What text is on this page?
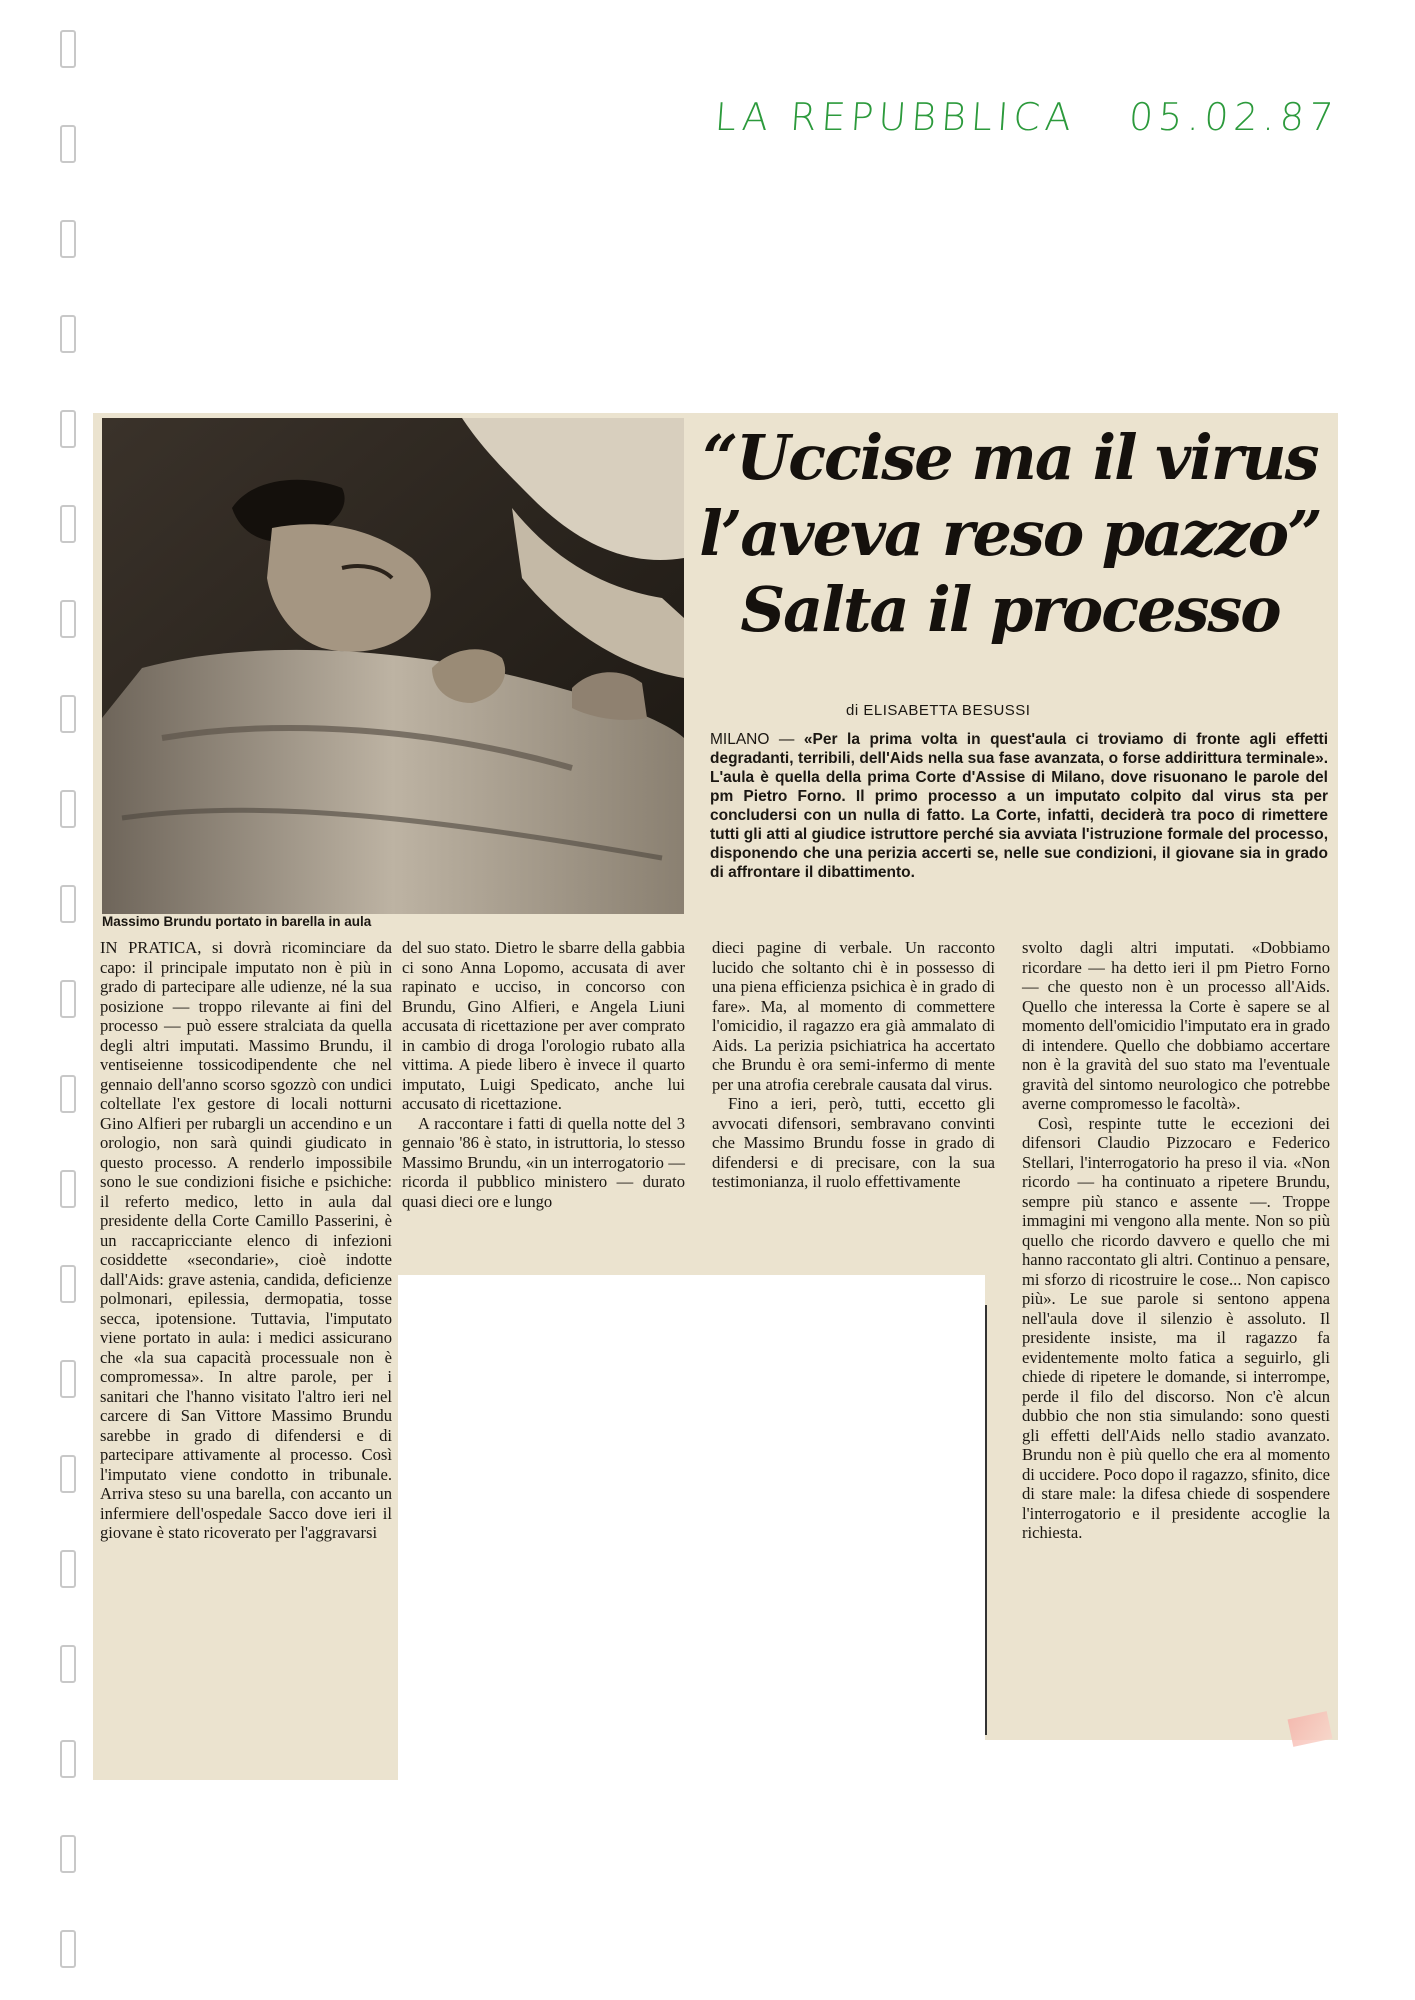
LA REPUBBLICA 05.02.87
Massimo Brundu portato in barella in aula
“Uccise ma il virus
l’aveva reso pazzo”
Salta il processo
di ELISABETTA BESUSSI
MILANO — «Per la prima volta in quest'aula ci troviamo di fronte agli effetti degradanti, terribili, dell'Aids nella sua fase avanzata, o forse addirittura terminale». L'aula è quella della prima Corte d'Assise di Milano, dove risuonano le parole del pm Pietro Forno. Il primo processo a un imputato colpito dal virus sta per concludersi con un nulla di fatto. La Corte, infatti, deciderà tra poco di rimettere tutti gli atti al giudice istruttore perché sia avviata l'istruzione formale del processo, disponendo che una perizia accerti se, nelle sue condizioni, il giovane sia in grado di affrontare il dibattimento.

IN PRATICA, si dovrà ricominciare da capo: il principale imputato non è più in grado di partecipare alle udienze, né la sua posizione — troppo rilevante ai fini del processo — può essere stralciata da quella degli altri imputati. Massimo Brundu, il ventiseienne tossicodipendente che nel gennaio dell'anno scorso sgozzò con undici coltellate l'ex gestore di locali notturni Gino Alfieri per rubargli un accendino e un orologio, non sarà quindi giudicato in questo processo. A renderlo impossibile sono le sue condizioni fisiche e psichiche: il referto medico, letto in aula dal presidente della Corte Camillo Passerini, è un raccapricciante elenco di infezioni cosiddette «secondarie», cioè indotte dall'Aids: grave astenia, candida, deficienze polmonari, epilessia, dermopatia, tosse secca, ipotensione. Tuttavia, l'imputato viene portato in aula: i medici assicurano che «la sua capacità processuale non è compromessa». In altre parole, per i sanitari che l'hanno visitato l'altro ieri nel carcere di San Vittore Massimo Brundu sarebbe in grado di difendersi e di partecipare attivamente al processo. Così l'imputato viene condotto in tribunale. Arriva steso su una barella, con accanto un infermiere dell'ospedale Sacco dove ieri il giovane è stato ricoverato per l'aggravarsi

del suo stato. Dietro le sbarre della gabbia ci sono Anna Lopomo, accusata di aver rapinato e ucciso, in concorso con Brundu, Gino Alfieri, e Angela Liuni accusata di ricettazione per aver comprato in cambio di droga l'orologio rubato alla vittima. A piede libero è invece il quarto imputato, Luigi Spedicato, anche lui accusato di ricettazione.

A raccontare i fatti di quella notte del 3 gennaio '86 è stato, in istruttoria, lo stesso Massimo Brundu, «in un interrogatorio — ricorda il pubblico ministero — durato quasi dieci ore e lungo

dieci pagine di verbale. Un racconto lucido che soltanto chi è in possesso di una piena efficienza psichica è in grado di fare». Ma, al momento di commettere l'omicidio, il ragazzo era già ammalato di Aids. La perizia psichiatrica ha accertato che Brundu è ora semi-infermo di mente per una atrofia cerebrale causata dal virus.

Fino a ieri, però, tutti, eccetto gli avvocati difensori, sembravano convinti che Massimo Brundu fosse in grado di difendersi e di precisare, con la sua testimonianza, il ruolo effettivamente

svolto dagli altri imputati. «Dobbiamo ricordare — ha detto ieri il pm Pietro Forno — che questo non è un processo all'Aids. Quello che interessa la Corte è sapere se al momento dell'omicidio l'imputato era in grado di intendere. Quello che dobbiamo accertare non è la gravità del suo stato ma l'eventuale gravità del sintomo neurologico che potrebbe averne compromesso le facoltà».

Così, respinte tutte le eccezioni dei difensori Claudio Pizzocaro e Federico Stellari, l'interrogatorio ha preso il via. «Non ricordo — ha continuato a ripetere Brundu, sempre più stanco e assente —. Troppe immagini mi vengono alla mente. Non so più quello che ricordo davvero e quello che mi hanno raccontato gli altri. Continuo a pensare, mi sforzo di ricostruire le cose... Non capisco più». Le sue parole si sentono appena nell'aula dove il silenzio è assoluto. Il presidente insiste, ma il ragazzo fa evidentemente molto fatica a seguirlo, gli chiede di ripetere le domande, si interrompe, perde il filo del discorso. Non c'è alcun dubbio che non stia simulando: sono questi gli effetti dell'Aids nello stadio avanzato. Brundu non è più quello che era al momento di uccidere. Poco dopo il ragazzo, sfinito, dice di stare male: la difesa chiede di sospendere l'interrogatorio e il presidente accoglie la richiesta.
